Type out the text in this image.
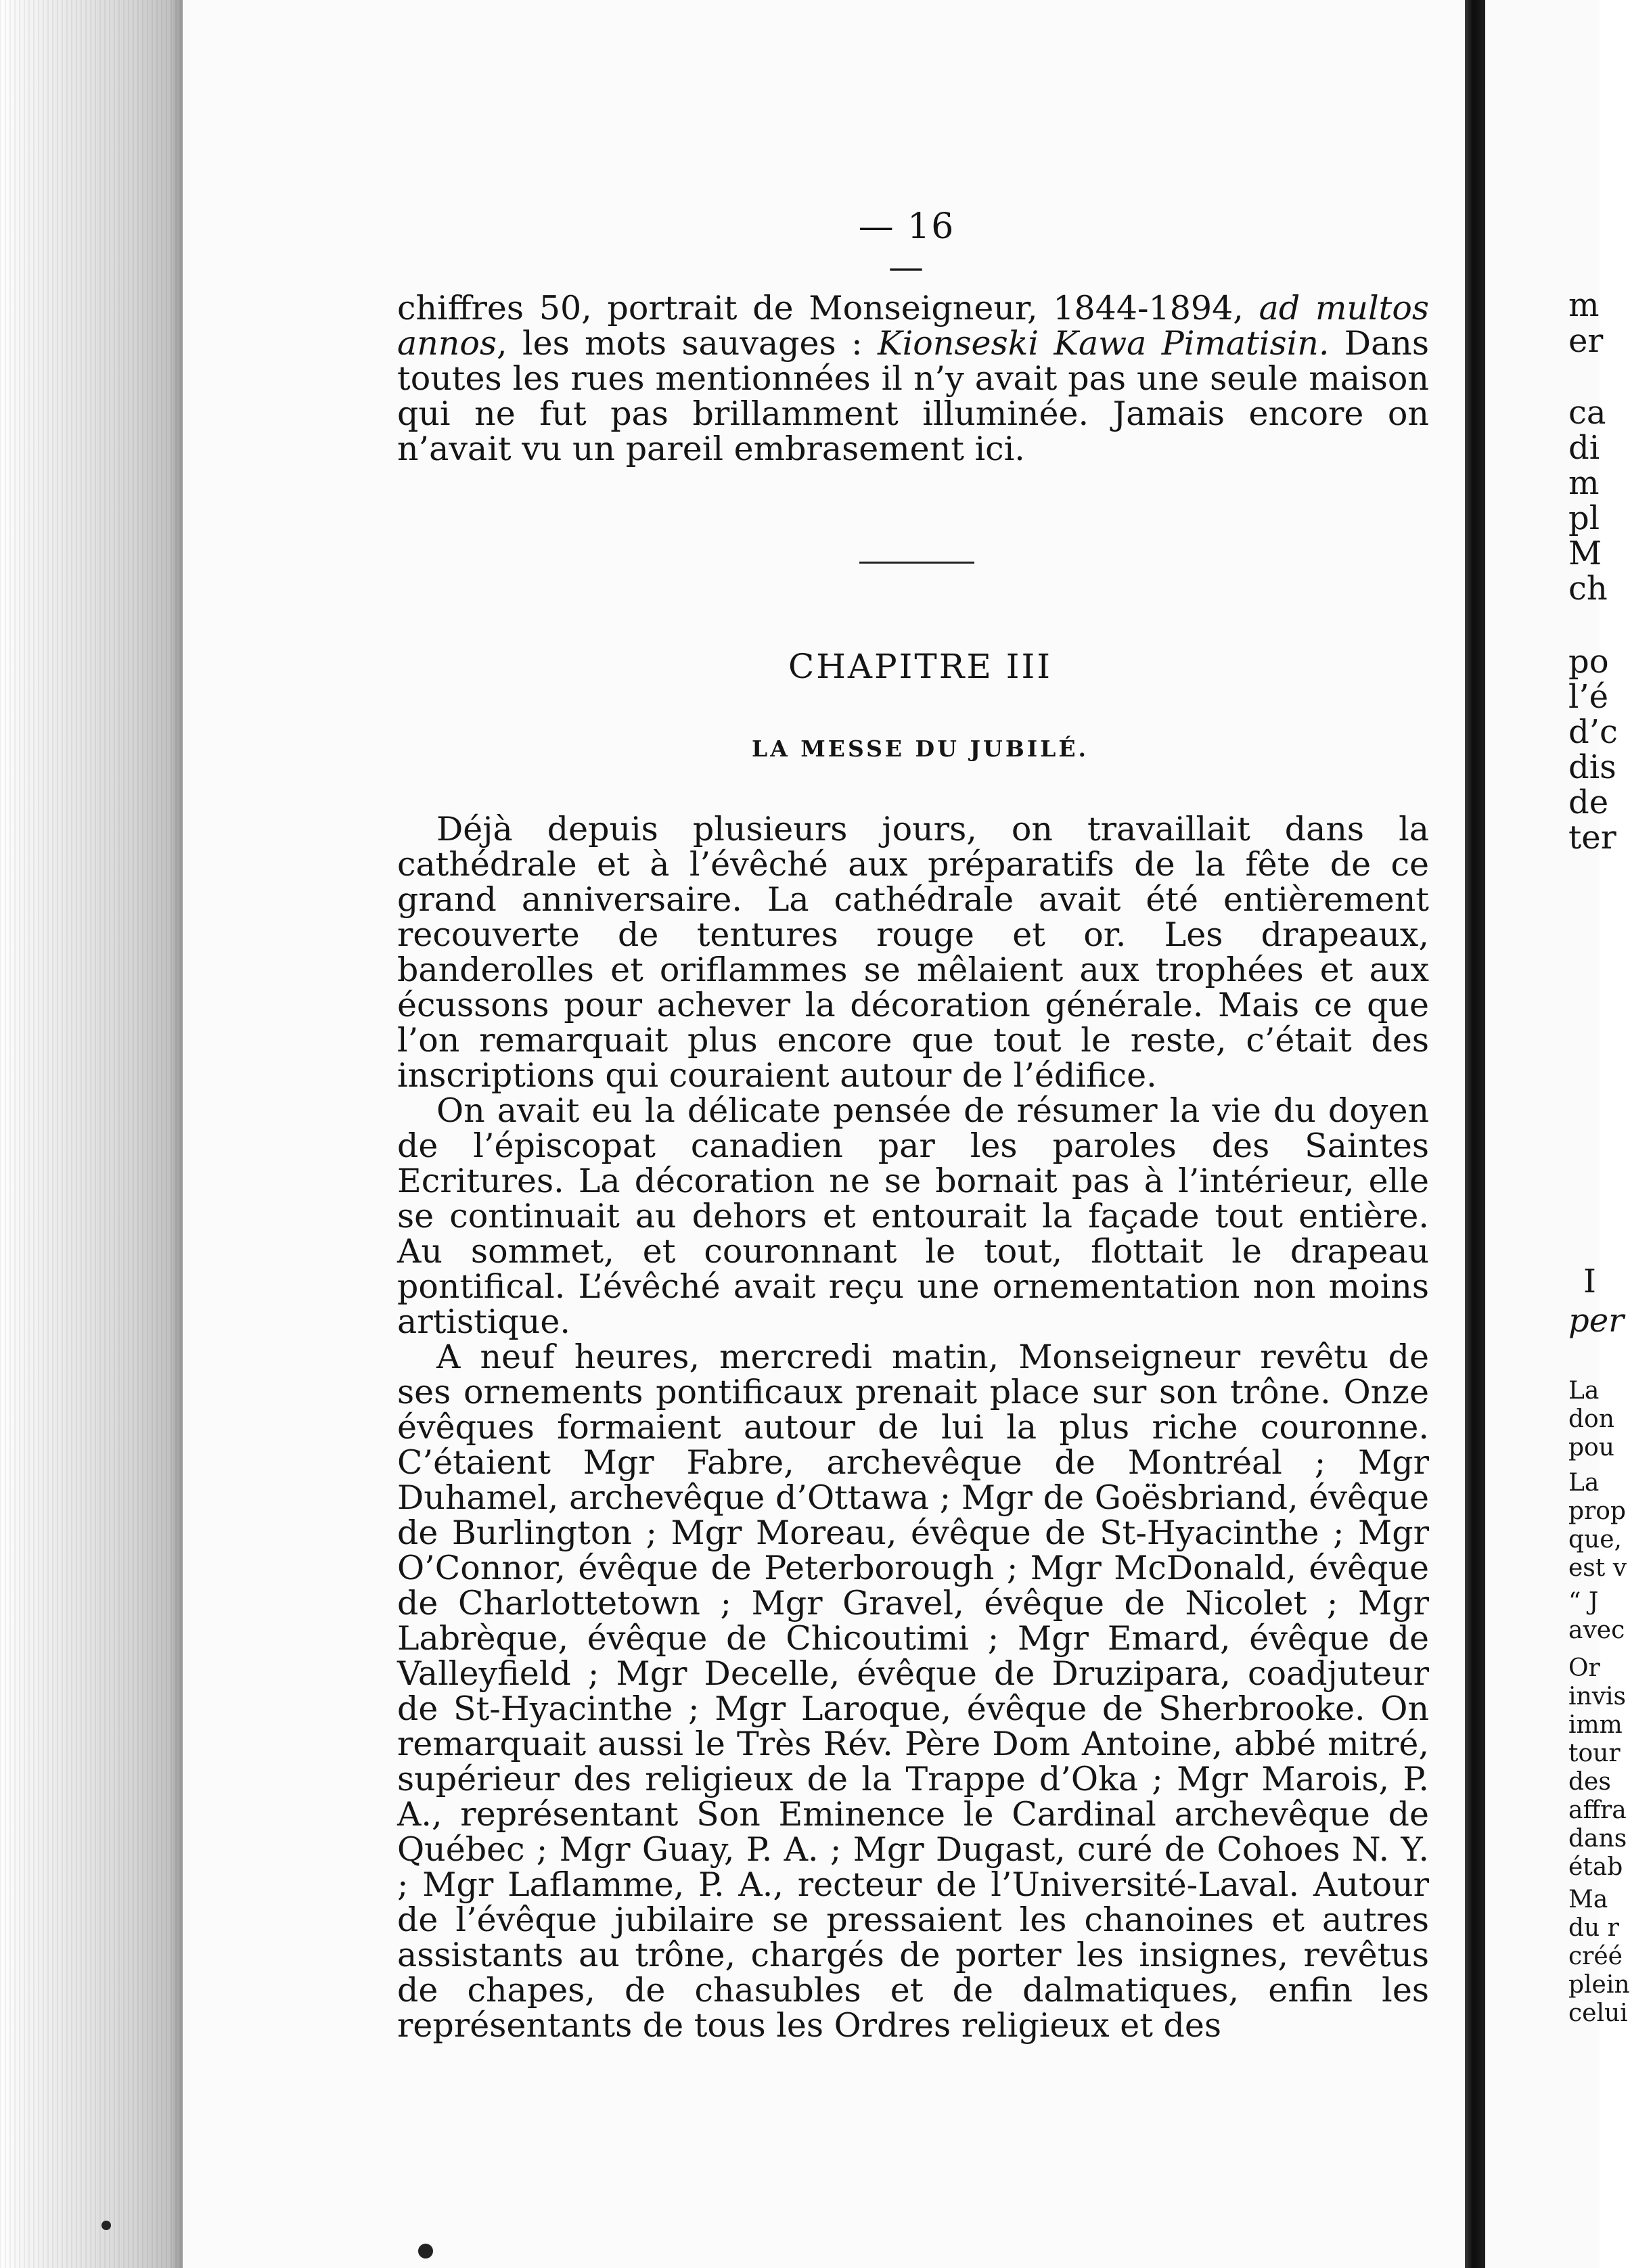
— 16 —

chiffres 50, portrait de Monseigneur, 1844-1894, ad multos annos, les mots sauvages : Kionseski Kawa Pimatisin. Dans toutes les rues mentionnées il n’y avait pas une seule maison qui ne fut pas brillamment illuminée. Jamais encore on n’avait vu un pareil embrasement ici.

CHAPITRE III
LA MESSE DU JUBILÉ.

Déjà depuis plusieurs jours, on travaillait dans la cathédrale et à l’évêché aux préparatifs de la fête de ce grand anniversaire. La cathédrale avait été entièrement recouverte de tentures rouge et or. Les drapeaux, banderolles et oriflammes se mêlaient aux trophées et aux écussons pour achever la décoration générale. Mais ce que l’on remarquait plus encore que tout le reste, c’était des inscriptions qui couraient autour de l’édifice.

On avait eu la délicate pensée de résumer la vie du doyen de l’épiscopat canadien par les paroles des Saintes Ecritures. La décoration ne se bornait pas à l’intérieur, elle se continuait au dehors et entourait la façade tout entière. Au sommet, et couronnant le tout, flottait le drapeau pontifical. L’évêché avait reçu une ornementation non moins artistique.

A neuf heures, mercredi matin, Monseigneur revêtu de ses ornements pontificaux prenait place sur son trône. Onze évêques formaient autour de lui la plus riche couronne. C’étaient Mgr Fabre, archevêque de Montréal ; Mgr Duhamel, archevêque d’Ottawa ; Mgr de Goësbriand, évêque de Burlington ; Mgr Moreau, évêque de St-Hyacinthe ; Mgr O’Connor, évêque de Peterborough ; Mgr McDonald, évêque de Charlottetown ; Mgr Gravel, évêque de Nicolet ; Mgr Labrèque, évêque de Chicoutimi ; Mgr Emard, évêque de Valleyfield ; Mgr Decelle, évêque de Druzipara, coadjuteur de St-Hyacinthe ; Mgr Laroque, évêque de Sherbrooke. On remarquait aussi le Très Rév. Père Dom Antoine, abbé mitré, supérieur des religieux de la Trappe d’Oka ; Mgr Marois, P. A., représentant Son Eminence le Cardinal archevêque de Québec ; Mgr Guay, P. A. ; Mgr Dugast, curé de Cohoes N. Y. ; Mgr Laflamme, P. A., recteur de l’Université-Laval. Autour de l’évêque jubilaire se pressaient les chanoines et autres assistants au trône, chargés de porter les insignes, revêtus de chapes, de chasubles et de dalmatiques, enfin les représentants de tous les Ordres religieux et des

m
er
ca
di
m
pl
M
ch
po
l’é
d’c
dis
de
ter
I
per
La
don
pou
La
prop
que,
est v
“ J
avec
Or
invis
imm
tour
des
affra
dans
étab
Ma
du r
créé
plein
celui
